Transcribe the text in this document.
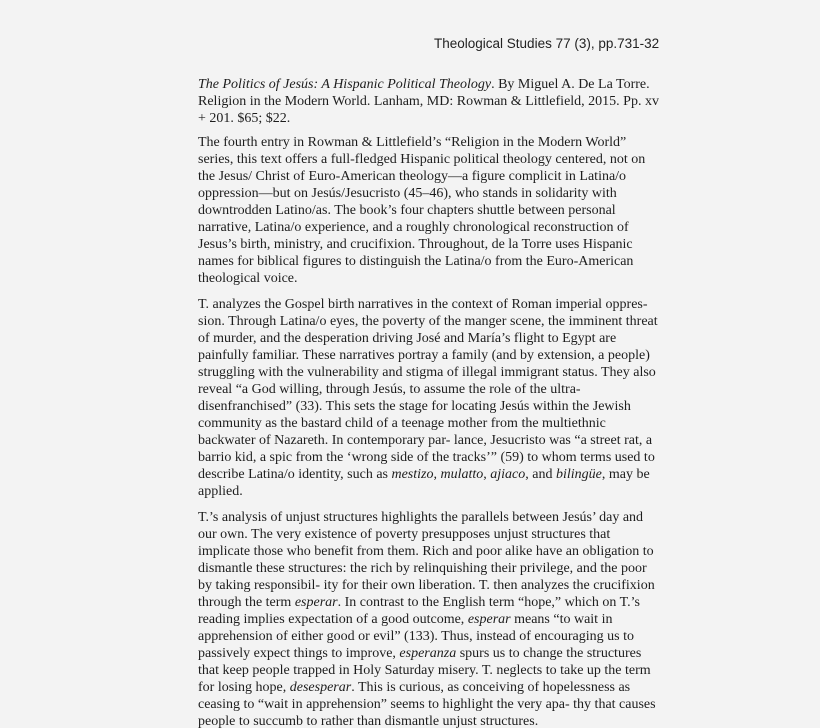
Theological Studies 77 (3), pp.731-32
The Politics of Jesús: A Hispanic Political Theology. By Miguel A. De La Torre.
Religion in the Modern World. Lanham, MD: Rowman & Littlefield, 2015. Pp. xv
+ 201. $65; $22.
The fourth entry in Rowman & Littlefield’s “Religion in the Modern World”
series, this text offers a full-fledged Hispanic political theology centered, not on
the Jesus/ Christ of Euro-American theology—a figure complicit in Latina/o
oppression—but on Jesús/Jesucristo (45–46), who stands in solidarity with
downtrodden Latino/as. The book’s four chapters shuttle between personal
narrative, Latina/o experience, and a roughly chronological reconstruction of
Jesus’s birth, ministry, and crucifixion. Throughout, de la Torre uses Hispanic
names for biblical figures to distinguish the Latina/o from the Euro-American
theological voice.
T. analyzes the Gospel birth narratives in the context of Roman imperial oppres-
sion. Through Latina/o eyes, the poverty of the manger scene, the imminent threat
of murder, and the desperation driving José and María’s flight to Egypt are
painfully familiar. These narratives portray a family (and by extension, a people)
struggling with the vulnerability and stigma of illegal immigrant status. They also
reveal “a God willing, through Jesús, to assume the role of the ultra-
disenfranchised” (33). This sets the stage for locating Jesús within the Jewish
community as the bastard child of a teenage mother from the multiethnic
backwater of Nazareth. In contemporary par- lance, Jesucristo was “a street rat, a
barrio kid, a spic from the ‘wrong side of the tracks’” (59) to whom terms used to
describe Latina/o identity, such as mestizo, mulatto, ajiaco, and bilingüe, may be
applied.
T.’s analysis of unjust structures highlights the parallels between Jesús’ day and
our own. The very existence of poverty presupposes unjust structures that
implicate those who benefit from them. Rich and poor alike have an obligation to
dismantle these structures: the rich by relinquishing their privilege, and the poor
by taking responsibil- ity for their own liberation. T. then analyzes the crucifixion
through the term esperar. In contrast to the English term “hope,” which on T.’s
reading implies expectation of a good outcome, esperar means “to wait in
apprehension of either good or evil” (133). Thus, instead of encouraging us to
passively expect things to improve, esperanza spurs us to change the structures
that keep people trapped in Holy Saturday misery. T. neglects to take up the term
for losing hope, desesperar. This is curious, as conceiving of hopelessness as
ceasing to “wait in apprehension” seems to highlight the very apa- thy that causes
people to succumb to rather than dismantle unjust structures.
